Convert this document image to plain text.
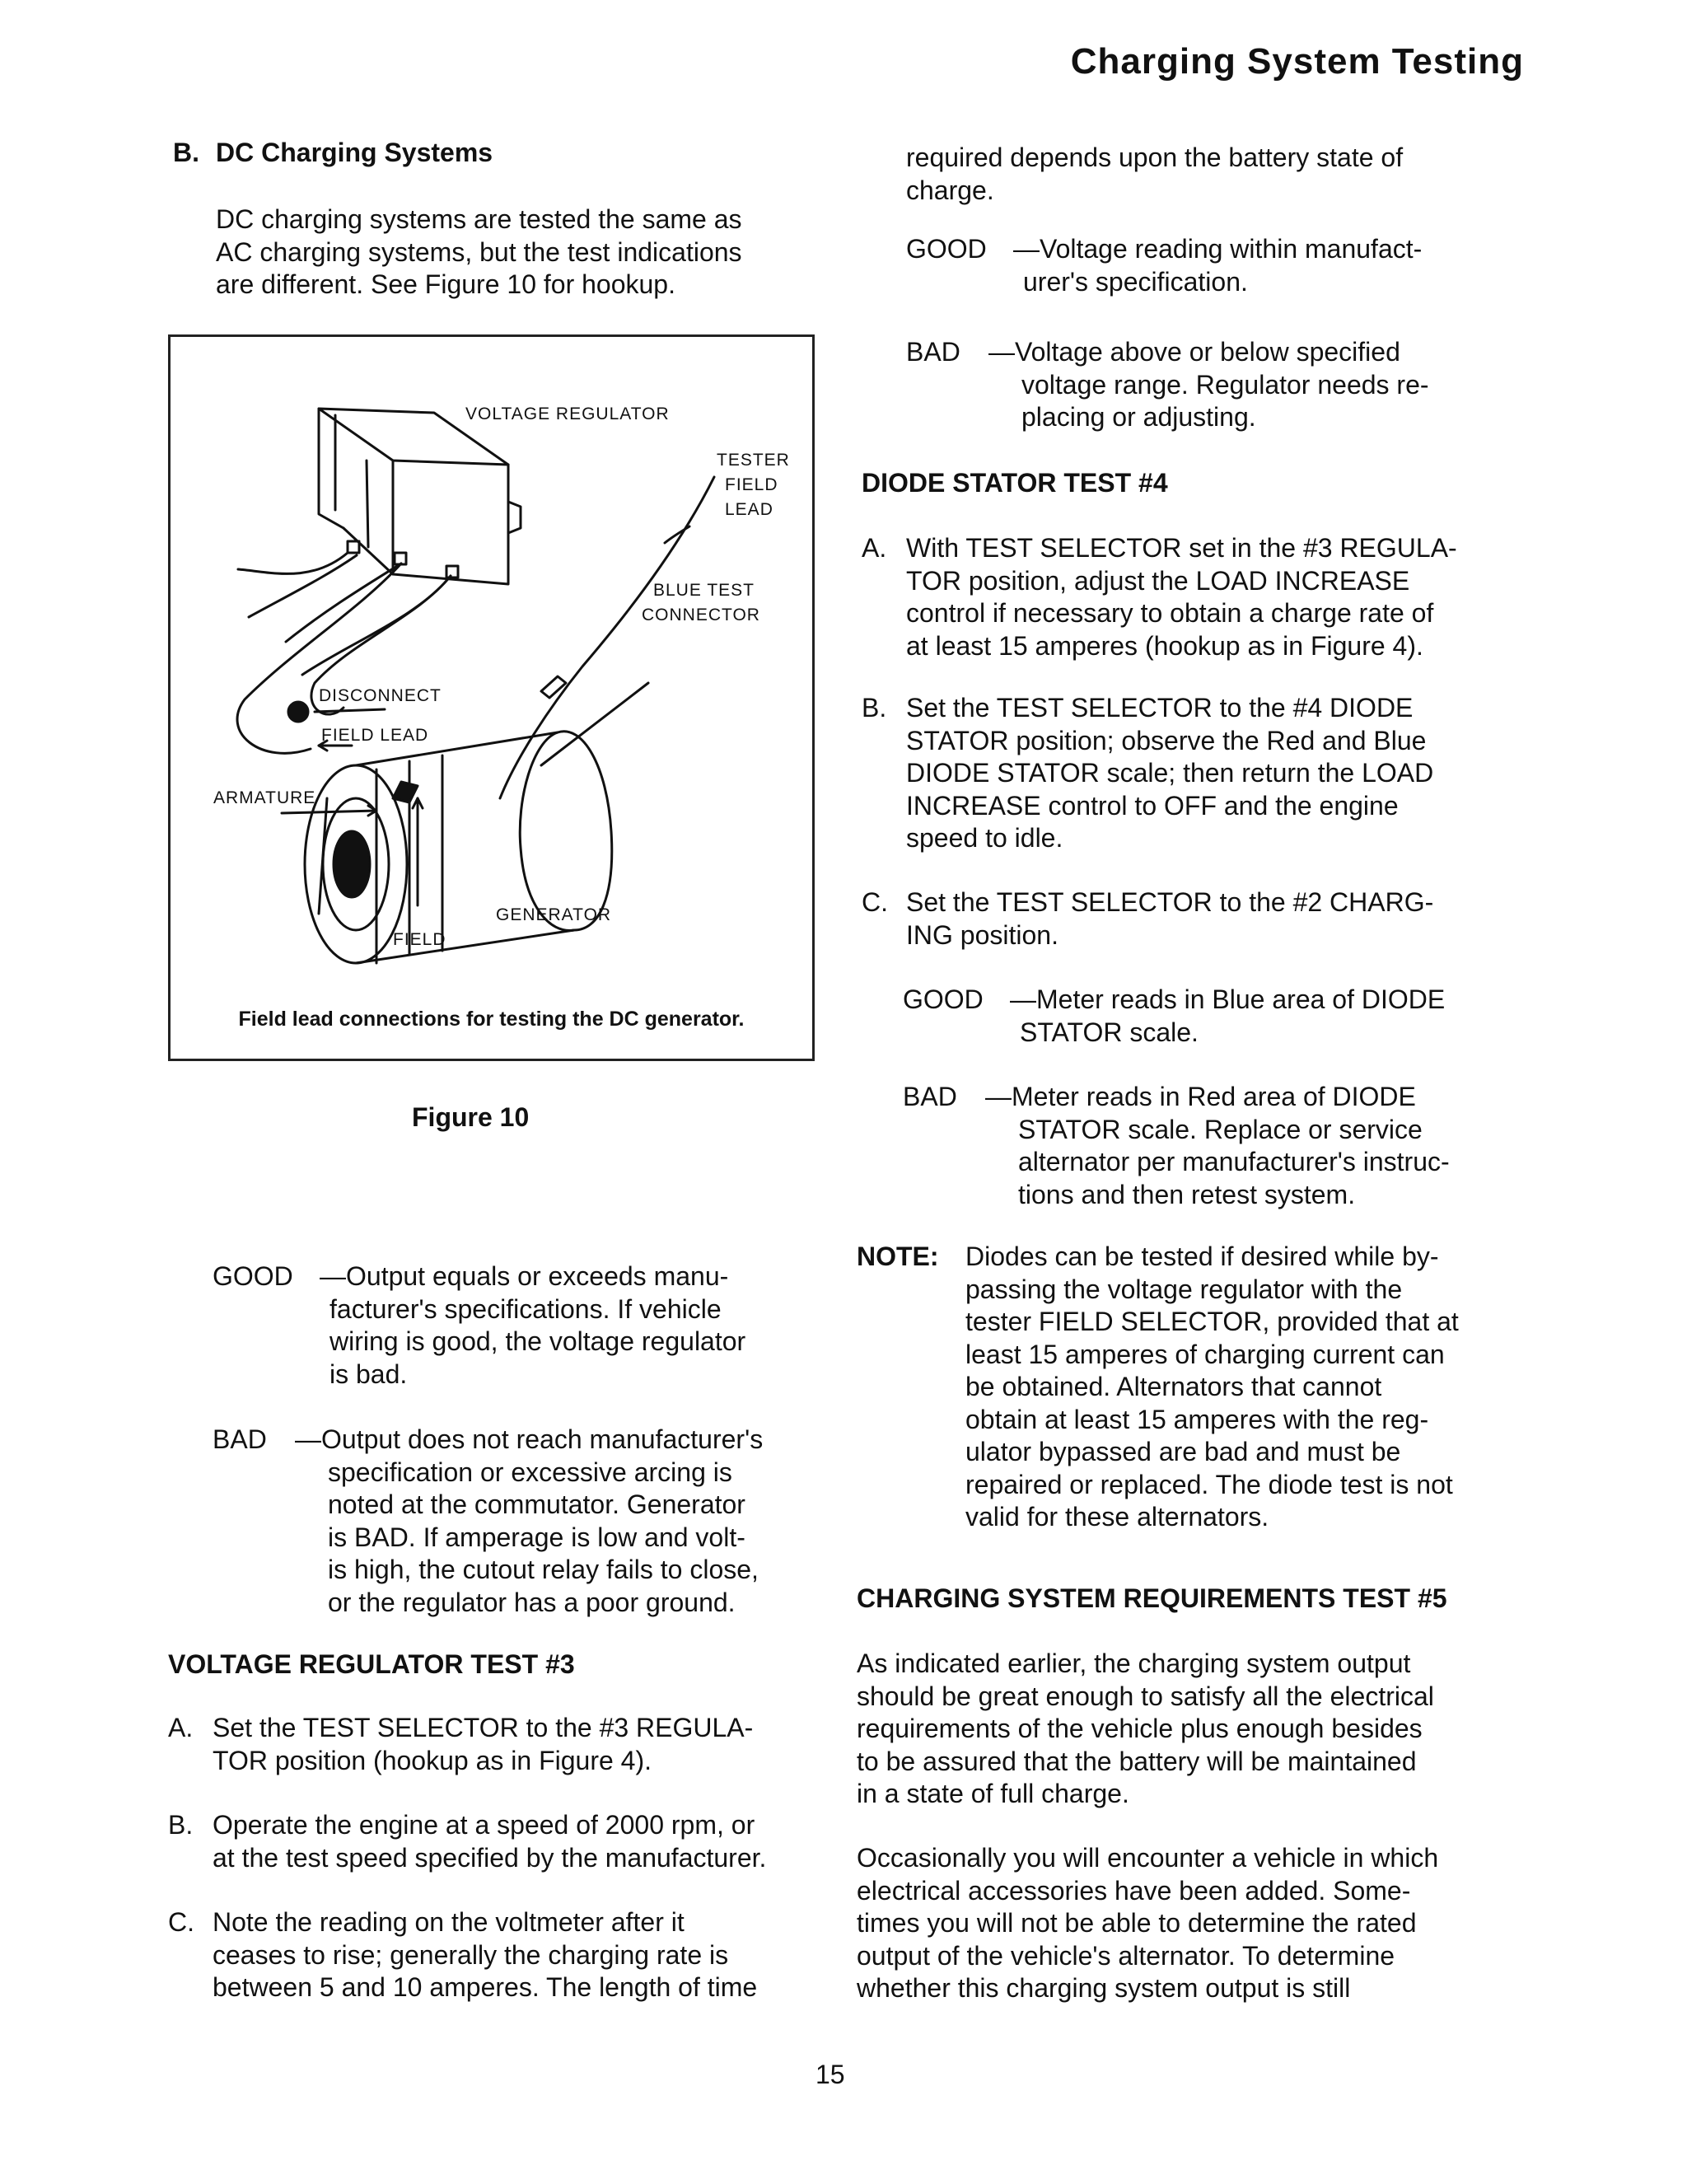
Charging System Testing
B. DC Charging Systems
DC charging systems are tested the same as
AC charging systems, but the test indications
are different. See Figure 10 for hookup.
VOLTAGE REGULATOR
TESTER
FIELD
LEAD
BLUE TEST
CONNECTOR
DISCONNECT
FIELD LEAD
ARMATURE
GENERATOR
FIELD
Field lead connections for testing the DC generator.
Figure 10
GOOD —Output equals or exceeds manu-
facturer's specifications. If vehicle
wiring is good, the voltage regulator
is bad.
BAD —Output does not reach manufacturer's
specification or excessive arcing is
noted at the commutator. Generator
is BAD. If amperage is low and volt-
is high, the cutout relay fails to close,
or the regulator has a poor ground.
VOLTAGE REGULATOR TEST #3
A. Set the TEST SELECTOR to the #3 REGULA-
TOR position (hookup as in Figure 4).
B. Operate the engine at a speed of 2000 rpm, or
at the test speed specified by the manufacturer.
C. Note the reading on the voltmeter after it
ceases to rise; generally the charging rate is
between 5 and 10 amperes. The length of time
required depends upon the battery state of
charge.
GOOD —Voltage reading within manufact-
urer's specification.
BAD —Voltage above or below specified
voltage range. Regulator needs re-
placing or adjusting.
DIODE STATOR TEST #4
A. With TEST SELECTOR set in the #3 REGULA-
TOR position, adjust the LOAD INCREASE
control if necessary to obtain a charge rate of
at least 15 amperes (hookup as in Figure 4).
B. Set the TEST SELECTOR to the #4 DIODE
STATOR position; observe the Red and Blue
DIODE STATOR scale; then return the LOAD
INCREASE control to OFF and the engine
speed to idle.
C. Set the TEST SELECTOR to the #2 CHARG-
ING position.
GOOD —Meter reads in Blue area of DIODE
STATOR scale.
BAD —Meter reads in Red area of DIODE
STATOR scale. Replace or service
alternator per manufacturer's instruc-
tions and then retest system.
NOTE: Diodes can be tested if desired while by-
passing the voltage regulator with the
tester FIELD SELECTOR, provided that at
least 15 amperes of charging current can
be obtained. Alternators that cannot
obtain at least 15 amperes with the reg-
ulator bypassed are bad and must be
repaired or replaced. The diode test is not
valid for these alternators.
CHARGING SYSTEM REQUIREMENTS TEST #5
As indicated earlier, the charging system output
should be great enough to satisfy all the electrical
requirements of the vehicle plus enough besides
to be assured that the battery will be maintained
in a state of full charge.
Occasionally you will encounter a vehicle in which
electrical accessories have been added. Some-
times you will not be able to determine the rated
output of the vehicle's alternator. To determine
whether this charging system output is still
15
